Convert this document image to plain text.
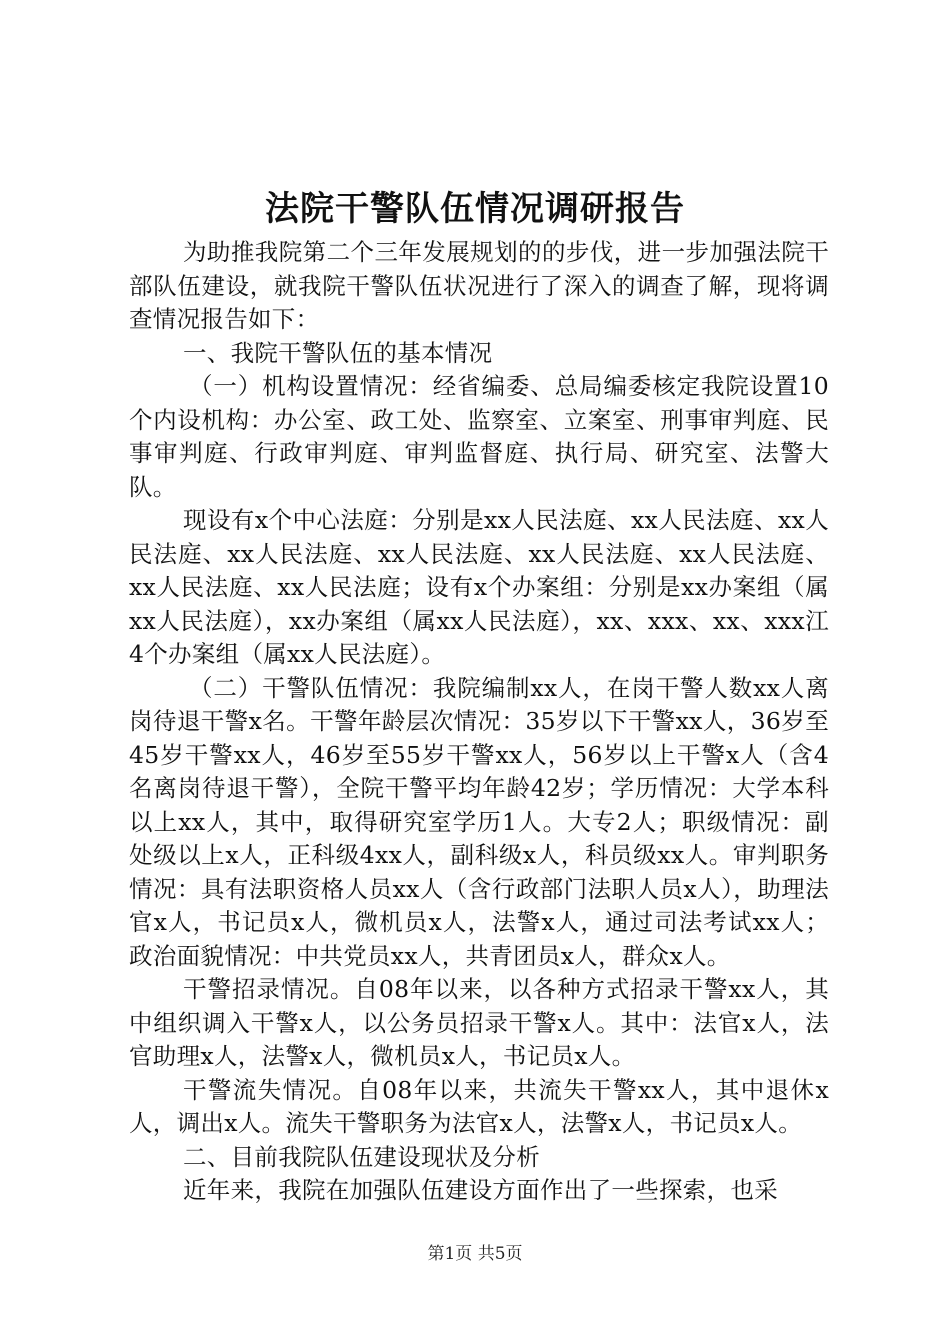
法院干警队伍情况调研报告

为助推我院第二个三年发展规划的的步伐，进一步加强法院干部队伍建设，就我院干警队伍状况进行了深入的调查了解，现将调查情况报告如下：

一、我院干警队伍的基本情况

（一）机构设置情况：经省编委、总局编委核定我院设置10个内设机构：办公室、政工处、监察室、立案室、刑事审判庭、民事审判庭、行政审判庭、审判监督庭、执行局、研究室、法警大队。

现设有x个中心法庭：分别是xx人民法庭、xx人民法庭、xx人民法庭、xx人民法庭、xx人民法庭、xx人民法庭、xx人民法庭、xx人民法庭、xx人民法庭；设有x个办案组：分别是xx办案组（属xx人民法庭），xx办案组（属xx人民法庭），xx、xxx、xx、xxx江4个办案组（属xx人民法庭）。

（二）干警队伍情况：我院编制xx人，在岗干警人数xx人离岗待退干警x名。干警年龄层次情况：35岁以下干警xx人，36岁至45岁干警xx人，46岁至55岁干警xx人，56岁以上干警x人（含4名离岗待退干警），全院干警平均年龄42岁；学历情况：大学本科以上xx人，其中，取得研究室学历1人。大专2人；职级情况：副处级以上x人，正科级4xx人，副科级x人，科员级xx人。审判职务情况：具有法职资格人员xx人（含行政部门法职人员x人），助理法官x人，书记员x人，微机员x人，法警x人，通过司法考试xx人；政治面貌情况：中共党员xx人，共青团员x人，群众x人。

干警招录情况。自08年以来，以各种方式招录干警xx人，其中组织调入干警x人，以公务员招录干警x人。其中：法官x人，法官助理x人，法警x人，微机员x人，书记员x人。

干警流失情况。自08年以来，共流失干警xx人，其中退休x人，调出x人。流失干警职务为法官x人，法警x人，书记员x人。

二、目前我院队伍建设现状及分析

近年来，我院在加强队伍建设方面作出了一些探索，也采

第1页 共5页
